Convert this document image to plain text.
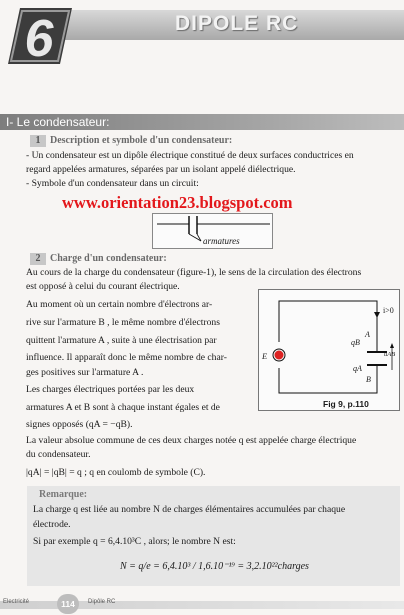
DIPOLE RC
6
I- Le condensateur:
1 Description et symbole d'un condensateur:
- Un condensateur est un dipôle électrique constitué de deux surfaces conductrices en
regard appelées armatures, séparées par un isolant appelé diélectrique.
- Symbole d'un condensateur dans un circuit:
armatures
www.orientation23.blogspot.com
2 Charge d'un condensateur:
Au cours de la charge du condensateur (figure-1), le sens de la circulation des électrons
est opposé à celui du courant électrique.
Au moment où un certain nombre d'électrons ar-
rive sur l'armature B , le même nombre d'électrons
quittent l'armature A , suite à une électrisation par
influence. Il apparaît donc le même nombre de char-
ges positives sur l'armature A .
Les charges électriques portées par les deux
armatures A et B sont à chaque instant égales et de
signes opposés (qA = −qB).
La valeur absolue commune de ces deux charges notée q est appelée charge électrique
du condensateur.
|qA| = |qB| = q ; q en coulomb de symbole (C).
i>0
qB
qA
uAB
A
B
E
Fig 9, p.110
Remarque:
La charge q est liée au nombre N de charges élémentaires accumulées par chaque
électrode.
Si par exemple q = 6,4.10³C , alors; le nombre N est:
N = q/e = 6,4.10³ / 1,6.10⁻¹⁹ = 3,2.10²²charges
Electricité	114	Dipôle RC
